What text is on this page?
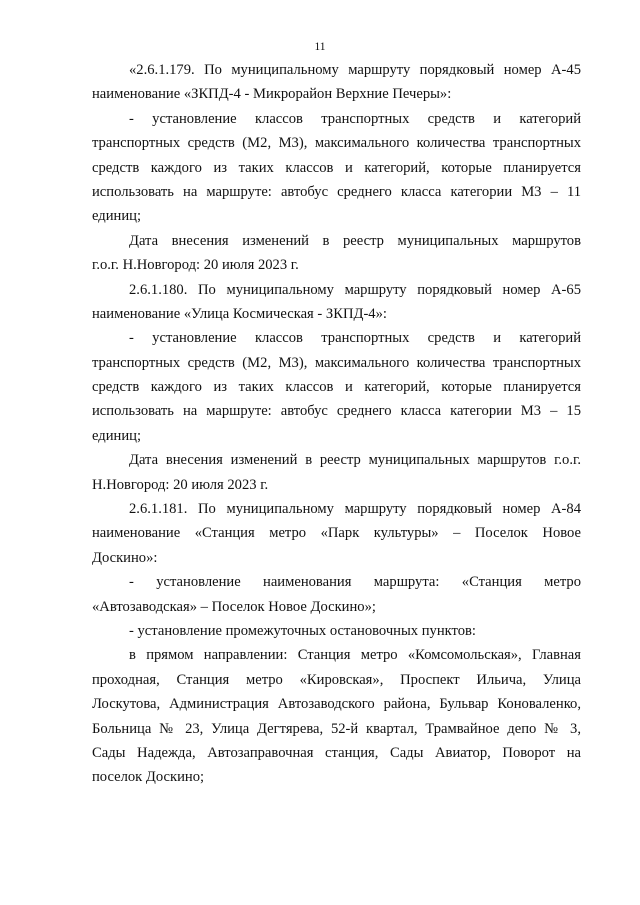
11
«2.6.1.179. По муниципальному маршруту порядковый номер А-45
наименование «ЗКПД-4 - Микрорайон Верхние Печеры»:
- установление классов транспортных средств и категорий
транспортных средств (М2, М3), максимального количества транспортных
средств каждого из таких классов и категорий, которые планируется
использовать на маршруте: автобус среднего класса категории М3 – 11
единиц;
Дата внесения изменений в реестр муниципальных маршрутов
г.о.г. Н.Новгород: 20 июля 2023 г.
2.6.1.180. По муниципальному маршруту порядковый номер А-65
наименование «Улица Космическая - ЗКПД-4»:
- установление классов транспортных средств и категорий
транспортных средств (М2, М3), максимального количества транспортных
средств каждого из таких классов и категорий, которые планируется
использовать на маршруте: автобус среднего класса категории М3 – 15
единиц;
Дата внесения изменений в реестр муниципальных маршрутов г.о.г.
Н.Новгород: 20 июля 2023 г.
2.6.1.181. По муниципальному маршруту порядковый номер А-84
наименование «Станция метро «Парк культуры» – Поселок Новое
Доскино»:
- установление наименования маршрута: «Станция метро
«Автозаводская» – Поселок Новое Доскино»;
- установление промежуточных остановочных пунктов:
в прямом направлении: Станция метро «Комсомольская», Главная
проходная, Станция метро «Кировская», Проспект Ильича, Улица
Лоскутова, Администрация Автозаводского района, Бульвар Коноваленко,
Больница № 23, Улица Дегтярева, 52-й квартал, Трамвайное депо № 3,
Сады Надежда, Автозаправочная станция, Сады Авиатор, Поворот на
поселок Доскино;
